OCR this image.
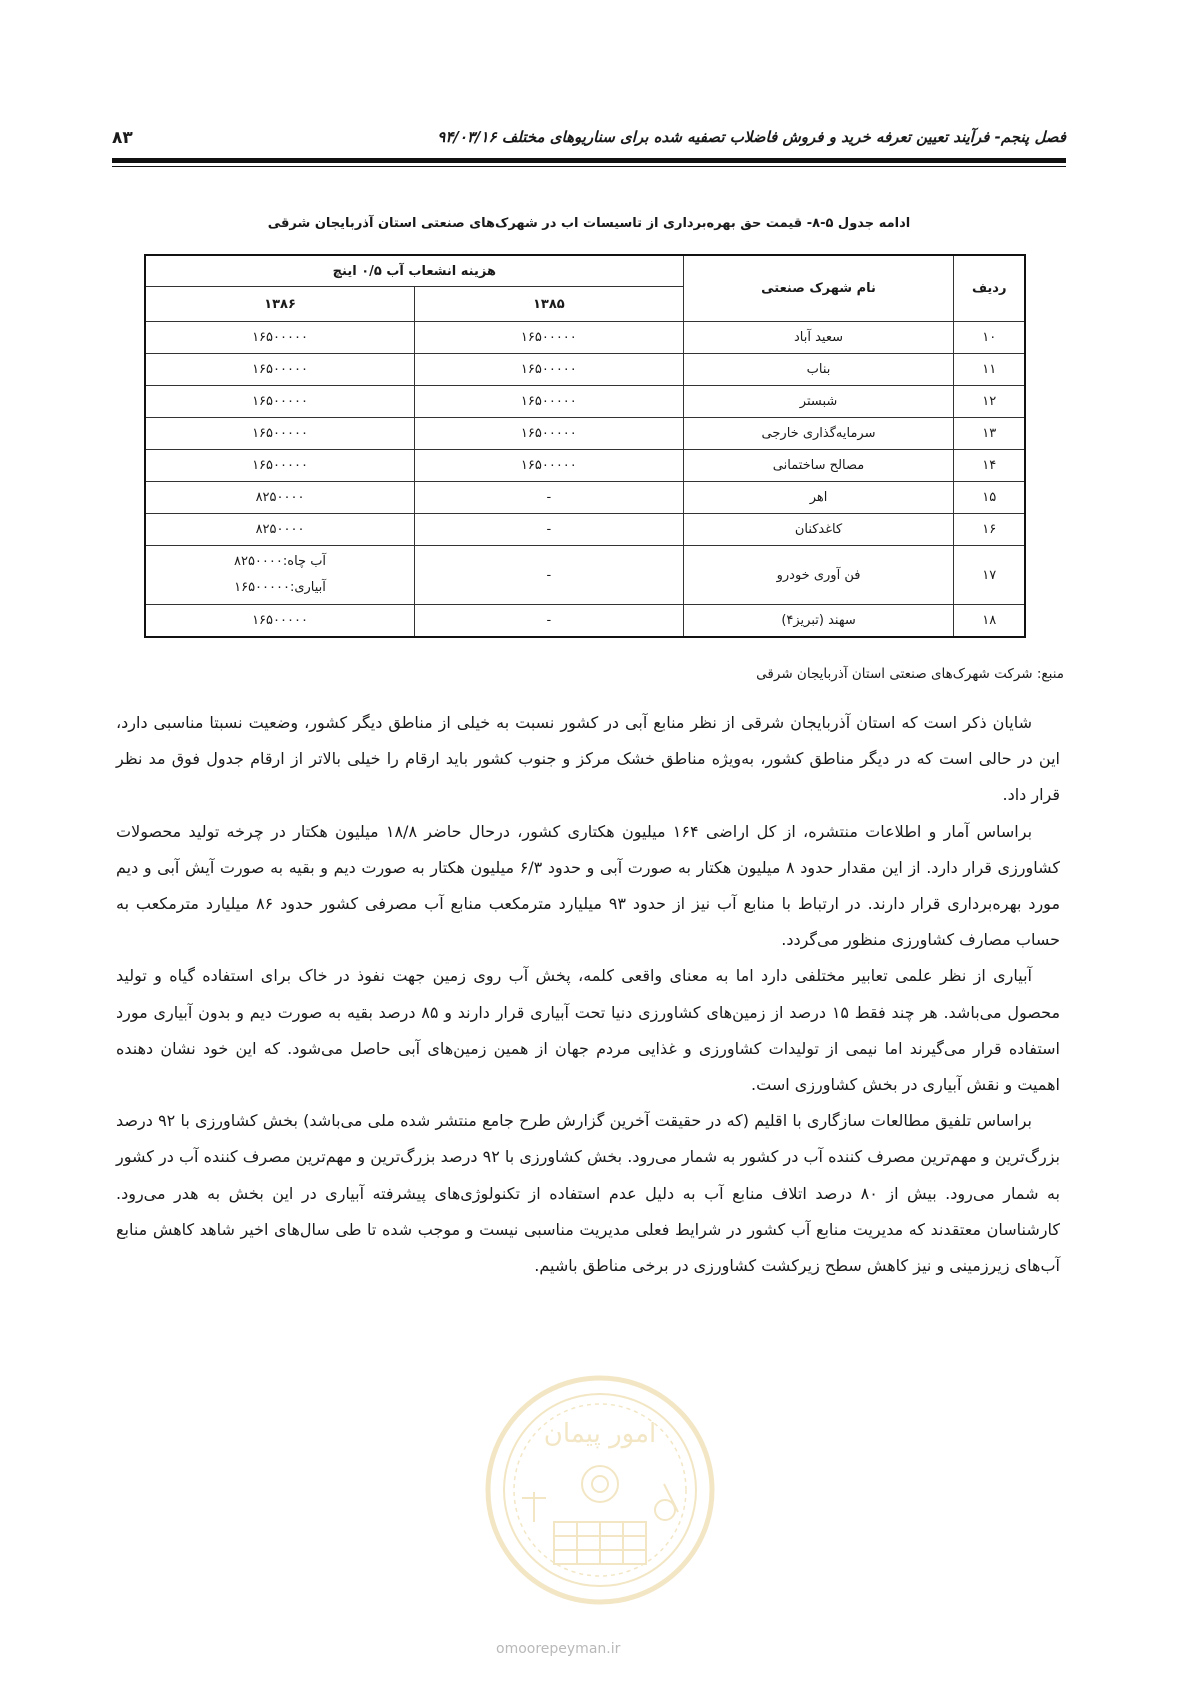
فصل پنجم- فرآیند تعیین تعرفه خرید و فروش فاضلاب تصفیه شده برای سناریوهای مختلف ۹۴/۰۳/۱۶
۸۳
ادامه جدول ۵-۸- قیمت حق بهره‌برداری از تاسیسات اب در شهرک‌های صنعتی استان آذربایجان شرقی
ردیف	نام شهرک صنعتی	هزینه انشعاب آب ۰/۵ اینچ	
		۱۳۸۵	۱۳۸۶
۱۰	سعید آباد	۱۶۵۰۰۰۰۰	۱۶۵۰۰۰۰۰
۱۱	بناب	۱۶۵۰۰۰۰۰	۱۶۵۰۰۰۰۰
۱۲	شبستر	۱۶۵۰۰۰۰۰	۱۶۵۰۰۰۰۰
۱۳	سرمایه‌گذاری خارجی	۱۶۵۰۰۰۰۰	۱۶۵۰۰۰۰۰
۱۴	مصالح ساختمانی	۱۶۵۰۰۰۰۰	۱۶۵۰۰۰۰۰
۱۵	اهر	-	۸۲۵۰۰۰۰
۱۶	کاغدکنان	-	۸۲۵۰۰۰۰
۱۷	فن آوری خودرو	-	آب چاه:۸۲۵۰۰۰۰
آبیاری:۱۶۵۰۰۰۰۰

۱۸	سهند (تبریز۴)	-	۱۶۵۰۰۰۰۰
منبع: شرکت شهرک‌های صنعتی استان آذربایجان شرقی

شایان ذکر است که استان آذربایجان شرقی از نظر منابع آبی در کشور نسبت به خیلی از مناطق دیگر کشور، وضعیت نسبتا مناسبی دارد، این در حالی است که در دیگر مناطق کشور، به‌ویژه مناطق خشک مرکز و جنوب کشور باید ارقام را خیلی بالاتر از ارقام جدول فوق مد نظر قرار داد.

براساس آمار و اطلاعات منتشره، از کل اراضی ۱۶۴ میلیون هکتاری کشور، درحال حاضر ۱۸/۸ میلیون هکتار در چرخه تولید محصولات کشاورزی قرار دارد. از این مقدار حدود ۸ میلیون هکتار به صورت آبی و حدود ۶/۳ میلیون هکتار به صورت دیم و بقیه به صورت آیش آبی و دیم مورد بهره‌برداری قرار دارند. در ارتباط با منابع آب نیز از حدود ۹۳ میلیارد مترمکعب منابع آب مصرفی کشور حدود ۸۶ میلیارد مترمکعب به حساب مصارف کشاورزی منظور می‌گردد.

آبیاری از نظر علمی تعابیر مختلفی دارد اما به معنای واقعی کلمه، پخش آب روی زمین جهت نفوذ در خاک برای استفاده گیاه و تولید محصول می‌باشد. هر چند فقط ۱۵ درصد از زمین‌های کشاورزی دنیا تحت آبیاری قرار دارند و ۸۵ درصد بقیه به صورت دیم و بدون آبیاری مورد استفاده قرار می‌گیرند اما نیمی از تولیدات کشاورزی و غذایی مردم جهان از همین زمین‌های آبی حاصل می‌شود. که این خود نشان دهنده اهمیت و نقش آبیاری در بخش کشاورزی است.

براساس تلفیق مطالعات سازگاری با اقلیم (که در حقیقت آخرین گزارش طرح جامع منتشر شده ملی می‌باشد) بخش کشاورزی با ۹۲ درصد بزرگ‌ترین و مهم‌ترین مصرف کننده آب در کشور به شمار می‌رود. بخش کشاورزی با ۹۲ درصد بزرگ‌ترین و مهم‌ترین مصرف کننده آب در کشور به شمار می‌رود. بیش از ۸۰ درصد اتلاف منابع آب به دلیل عدم استفاده از تکنولوژی‌های پیشرفته آبیاری در این بخش به هدر می‌رود. کارشناسان معتقدند که مدیریت منابع آب کشور در شرایط فعلی مدیریت مناسبی نیست و موجب شده تا طی سال‌های اخیر شاهد کاهش منابع آب‌های زیرزمینی و نیز کاهش سطح زیرکشت کشاورزی در برخی مناطق باشیم.

امور پیمان
omoorepeyman.ir
